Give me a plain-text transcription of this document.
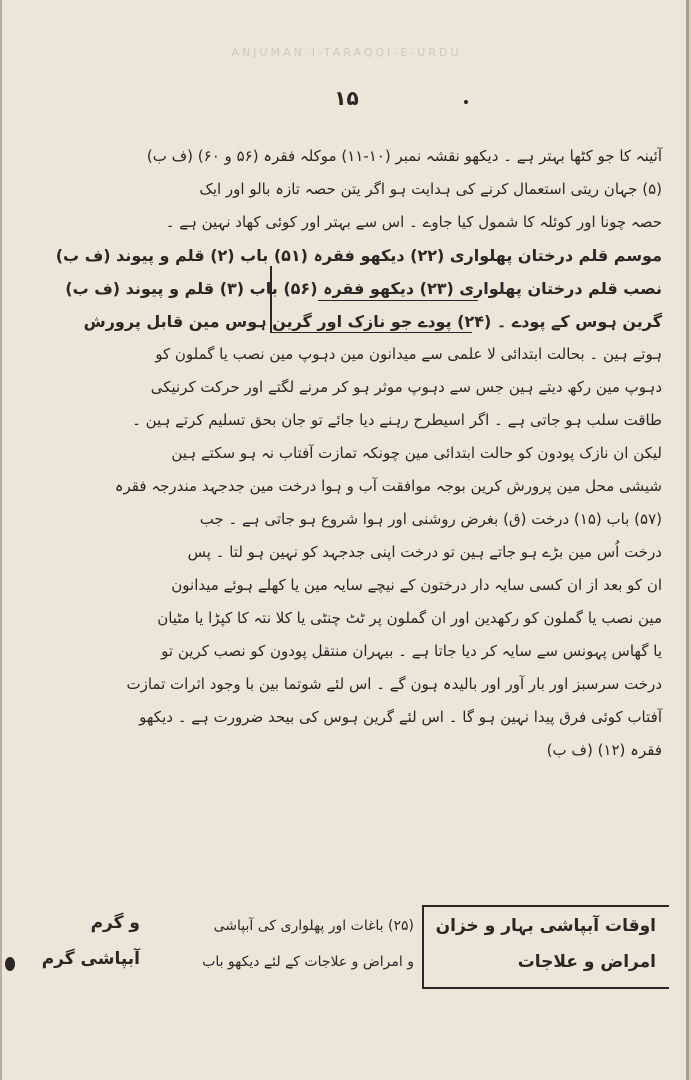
ANJUMAN-I-TARAQQI-E-URDU
۱۵
آئینہ کا جو کٹھا بہتر ہے ۔ دیکھو نقشہ نمبر (۱۰-۱۱) موکلہ فقرہ (۵۶ و ۶۰) (ف ب)
(۵) جہان ریتی استعمال کرنے کی ہدایت ہو اگر یتن حصہ تازہ بالو اور ایک
حصہ چونا اور کوئلہ کا شمول کیا جاوے ۔ اس سے بہتر اور کوئی کھاد نہین ہے ۔
موسم قلم درختان پھلواری (۲۲) دیکھو فقرہ (۵۱) باب (۲) قلم و پیوند (ف ب)
نصب قلم درختان پھلواری (۲۳) دیکھو فقرہ (۵۶) باب (۳) قلم و پیوند (ف ب)
گرین ہوس کے پودے ۔ (۲۴) پودے جو نازک اور گرین ہوس مین قابل پرورش
ہوتے ہین ۔ بحالت ابتدائی لا علمی سے میدانون مین دہوپ مین نصب یا گملون کو
دہوپ مین رکھ دیتے ہین جس سے دہوپ موثر ہو کر مرنے لگتے اور حرکت کرنیکی
طاقت سلب ہو جاتی ہے ۔ اگر اسیطرح رہنے دیا جائے تو جان بحق تسلیم کرتے ہین ۔
لیکن ان نازک پودون کو حالت ابتدائی مین چونکہ تمازت آفتاب نہ ہو سکتے ہین
شیشی محل مین پرورش کرین بوجہ موافقت آب و ہوا درخت مین جدجہد مندرجہ فقرہ
(۵۷) باب (۱۵) درخت (ق) بغرض روشنی اور ہوا شروع ہو جاتی ہے ۔ جب
درخت اُس مین بڑے ہو جاتے ہین تو درخت اپنی جدجہد کو نہین ہو لتا ۔ پس
ان کو بعد از ان کسی سایہ دار درختون کے نیچے سایہ مین یا کھلے ہوئے میدانون
مین نصب یا گملون کو رکھدین اور ان گملون پر ٹٹ چنٹی یا کلا نتہ کا کپڑا یا مٹیان
یا گھاس پہونس سے سایہ کر دیا جاتا ہے ۔ بیہران منتقل پودون کو نصب کرین تو
درخت سرسبز اور بار آور اور بالیدہ ہون گے ۔ اس لئے شوتما بین با وجود اثرات تمازت
آفتاب کوئی فرق پیدا نہین ہو گا ۔ اس لئے گرین ہوس کی بیحد ضرورت ہے ۔ دیکھو
فقرہ (۱۲) (ف ب)
اوقات آبپاشی بہار و خزان
(۲۵) باغات اور پھلواری کی آبپاشی
امراض و علاجات
و امراض و علاجات کے لئے دیکھو باب
و گرم
آبپاشی گرم
